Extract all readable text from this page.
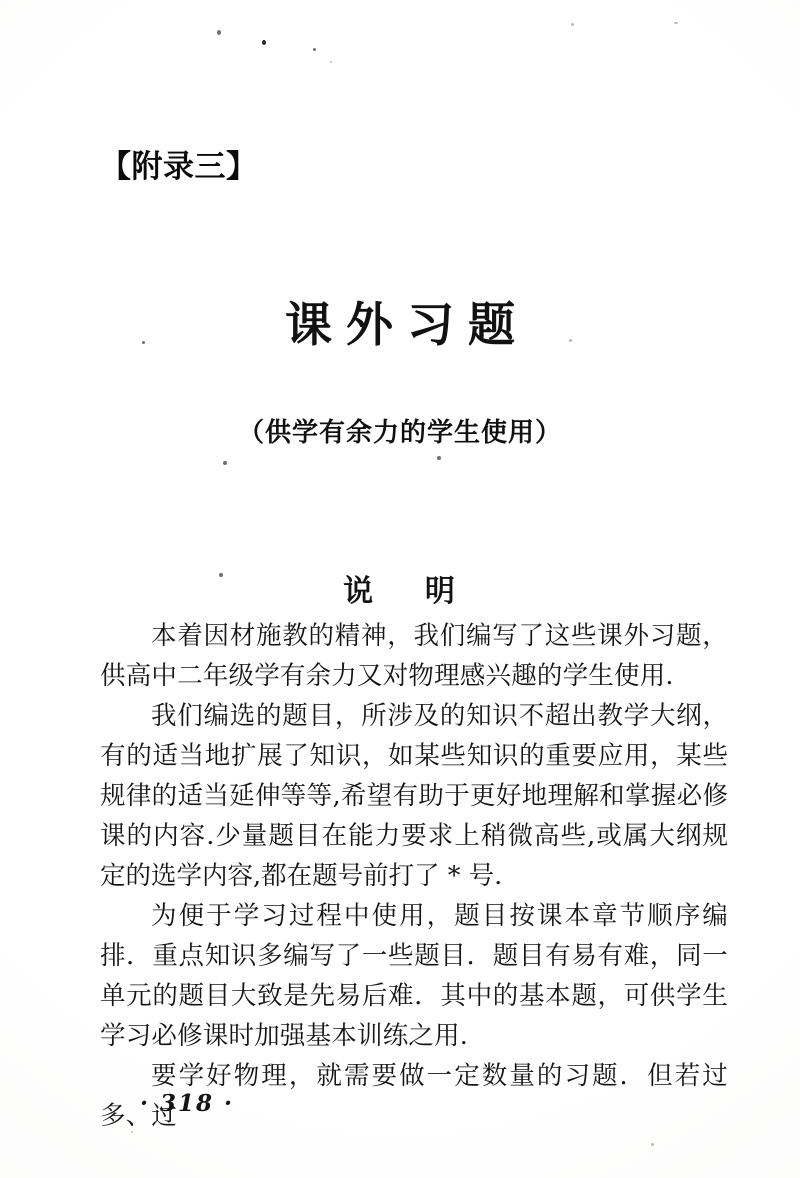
【附录三】
课外习题
（供学有余力的学生使用）
说    明

本着因材施教的精神，我们编写了这些课外习题，供高中二年级学有余力又对物理感兴趣的学生使用.

我们编选的题目，所涉及的知识不超出教学大纲，有的适当地扩展了知识，如某些知识的重要应用，某些规律的适当延伸等等,希望有助于更好地理解和掌握必修课的内容.少量题目在能力要求上稍微高些,或属大纲规定的选学内容,都在题号前打了 * 号.

为便于学习过程中使用，题目按课本章节顺序编排．重点知识多编写了一些题目．题目有易有难，同一单元的题目大致是先易后难．其中的基本题，可供学生学习必修课时加强基本训练之用.

要学好物理，就需要做一定数量的习题．但若过多、过

· 318 ·
